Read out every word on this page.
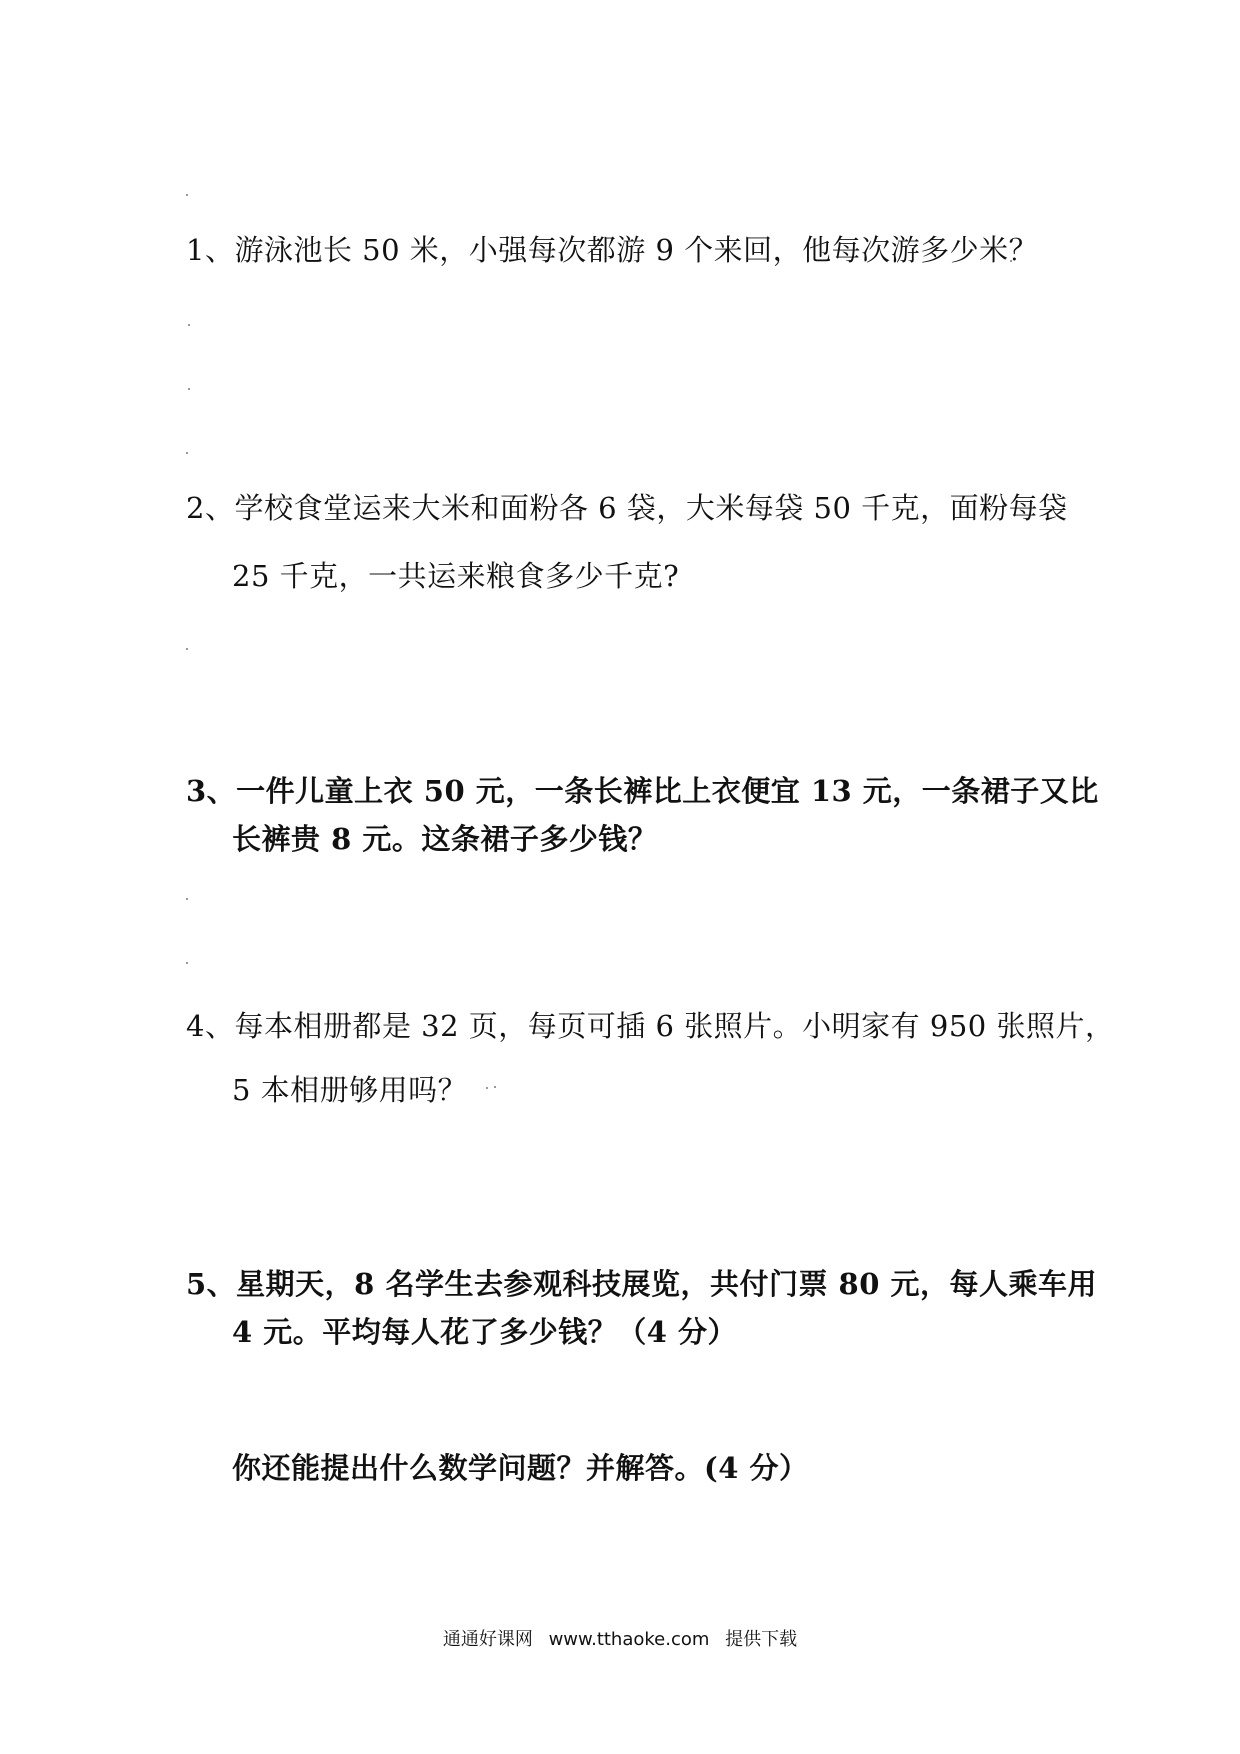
1、游泳池长 50 米，小强每次都游 9 个来回，他每次游多少米？
2、学校食堂运来大米和面粉各 6 袋，大米每袋 50 千克，面粉每袋
25 千克，一共运来粮食多少千克?
3、一件儿童上衣 50 元，一条长裤比上衣便宜 13 元，一条裙子又比
长裤贵 8 元。这条裙子多少钱？
4、每本相册都是 32 页，每页可插 6 张照片。小明家有 950 张照片，
5 本相册够用吗？
5、星期天，8 名学生去参观科技展览，共付门票 80 元，每人乘车用
4 元。平均每人花了多少钱？（4 分）
你还能提出什么数学问题？并解答。(4 分）
通通好课网 www.tthaoke.com 提供下载
